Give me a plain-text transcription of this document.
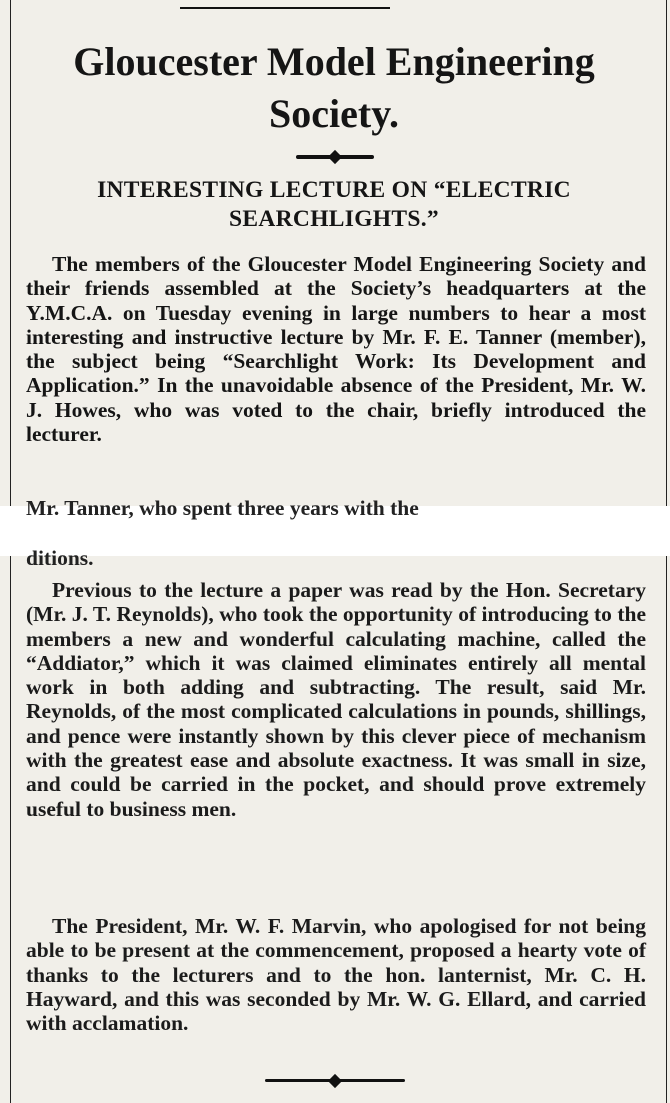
Gloucester Model Engineering Society.
INTERESTING LECTURE ON “ELECTRIC SEARCHLIGHTS.”

The members of the Gloucester Model Engineering Society and their friends assembled at the Society’s headquarters at the Y.M.C.A. on Tuesday evening in large numbers to hear a most interesting and instructive lecture by Mr. F. E. Tanner (member), the subject being “Searchlight Work: Its Development and Application.” In the unavoidable absence of the President, Mr. W. J. Howes, who was voted to the chair, briefly introduced the lecturer.

Mr. Tanner, who spent three years with the
ditions.

Previous to the lecture a paper was read by the Hon. Secretary (Mr. J. T. Reynolds), who took the opportunity of introducing to the members a new and wonderful calculating machine, called the “Addiator,” which it was claimed eliminates entirely all mental work in both adding and subtracting. The result, said Mr. Reynolds, of the most complicated calculations in pounds, shillings, and pence were instantly shown by this clever piece of mechanism with the greatest ease and absolute exactness. It was small in size, and could be carried in the pocket, and should prove extremely useful to business men.

The President, Mr. W. F. Marvin, who apologised for not being able to be present at the commencement, proposed a hearty vote of thanks to the lecturers and to the hon. lanternist, Mr. C. H. Hayward, and this was seconded by Mr. W. G. Ellard, and carried with acclamation.
